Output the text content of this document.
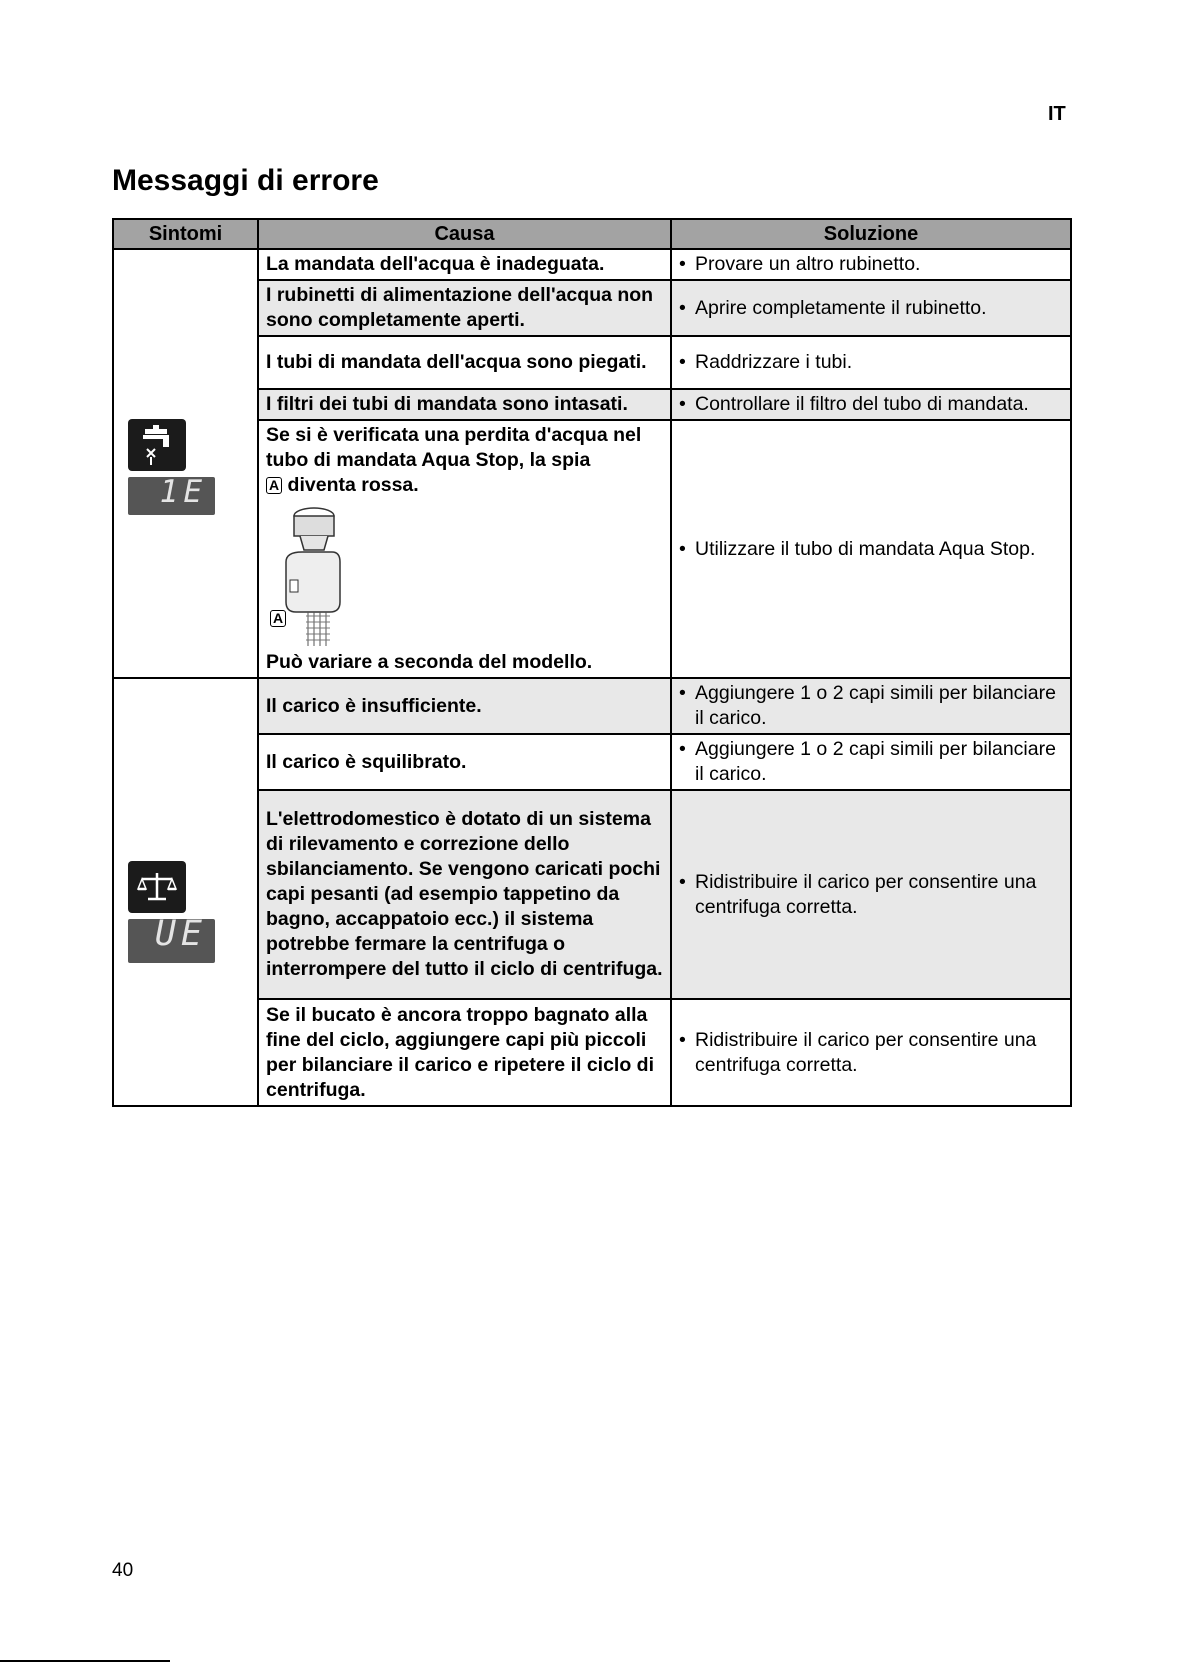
IT
Messaggi di errore
Sintomi	Causa	Soluzione

1E	La mandata dell'acqua è inadeguata.	• Provare un altro rubinetto.

	I rubinetti di alimentazione dell'acqua non sono completamente aperti.	• Aprire completamente il rubinetto.

	I tubi di mandata dell'acqua sono piegati.	• Raddrizzare i tubi.

	I filtri dei tubi di mandata sono intasati.	• Controllare il filtro del tubo di mandata.

	Se si è verificata una perdita d'acqua nel tubo di mandata Aqua Stop, la spia
A diventa rossa.
A
Può variare a seconda del modello.	• Utilizzare il tubo di mandata Aqua Stop.

UE	Il carico è insufficiente.	• Aggiungere 1 o 2 capi simili per bilanciare il carico.

	Il carico è squilibrato.	• Aggiungere 1 o 2 capi simili per bilanciare il carico.

	L'elettrodomestico è dotato di un sistema di rilevamento e correzione dello sbilanciamento. Se vengono caricati pochi capi pesanti (ad esempio tappetino da bagno, accappatoio ecc.) il sistema potrebbe fermare la centrifuga o interrompere del tutto il ciclo di centrifuga.	• Ridistribuire il carico per consentire una centrifuga corretta.

	Se il bucato è ancora troppo bagnato alla fine del ciclo, aggiungere capi più piccoli per bilanciare il carico e ripetere il ciclo di centrifuga.	• Ridistribuire il carico per consentire una centrifuga corretta.
40
